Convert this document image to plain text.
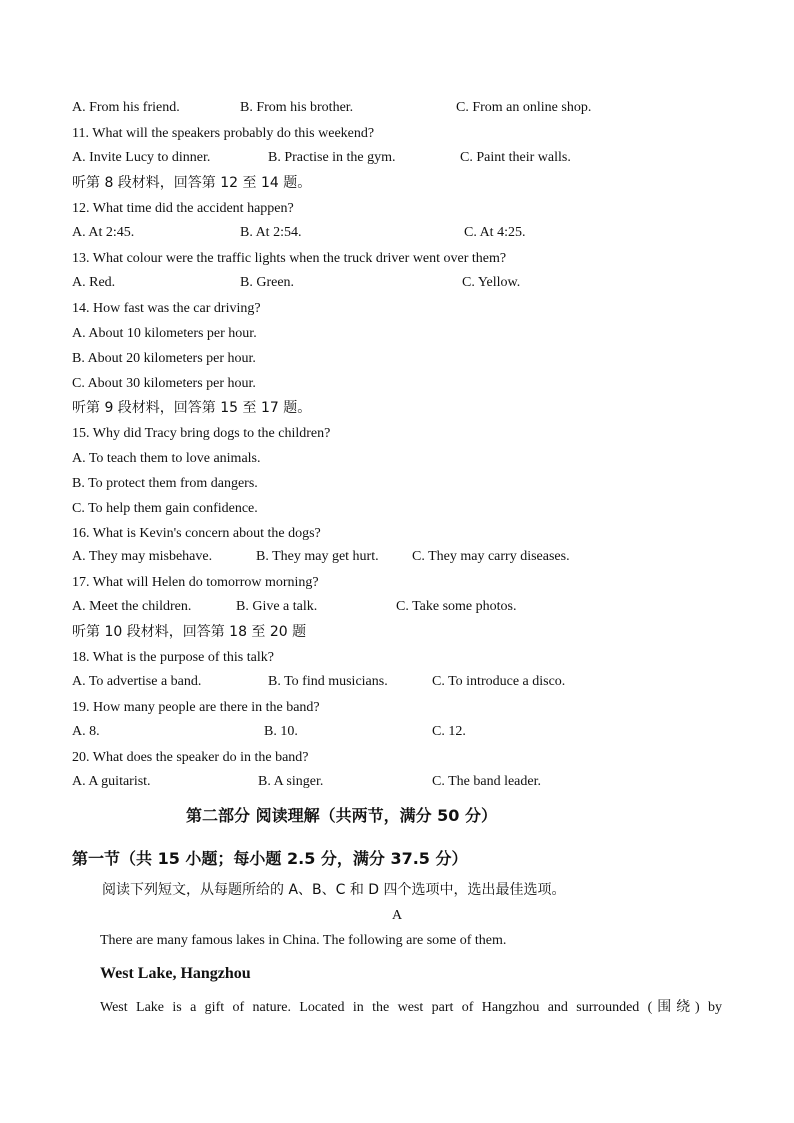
A. From his friend.	B. From his brother.	C. From an online shop.
11. What will the speakers probably do this weekend?
A. Invite Lucy to dinner.	B. Practise in the gym.	C. Paint their walls.
听第 8 段材料，回答第 12 至 14 题。
12. What time did the accident happen?
A. At 2:45.	B. At 2:54.	C. At 4:25.
13. What colour were the traffic lights when the truck driver went over them?
A. Red.	B. Green.	C. Yellow.
14. How fast was the car driving?
A. About 10 kilometers per hour.
B. About 20 kilometers per hour.
C. About 30 kilometers per hour.
听第 9 段材料，回答第 15 至 17 题。
15. Why did Tracy bring dogs to the children?
A. To teach them to love animals.
B. To protect them from dangers.
C. To help them gain confidence.
16. What is Kevin's concern about the dogs?
A. They may misbehave.	B. They may get hurt. C. They may carry diseases.
17. What will Helen do tomorrow morning?
A. Meet the children.	B. Give a talk.	C. Take some photos.
听第 10 段材料，回答第 18 至 20 题
18. What is the purpose of this talk?
A. To advertise a band.	B. To find musicians.	C. To introduce a disco.
19. How many people are there in the band?
A. 8.	B. 10.	C. 12.
20. What does the speaker do in the band?
A. A guitarist.	B. A singer.	C. The band leader.
第二部分 阅读理解（共两节，满分 50 分）
第一节（共 15 小题；每小题 2.5 分，满分 37.5 分）
阅读下列短文，从每题所给的 A、B、C 和 D 四个选项中，选出最佳选项。
A
There are many famous lakes in China. The following are some of them.
West Lake, Hangzhou
West Lake is a gift of nature. Located in the west part of Hangzhou and surrounded (围绕) by
